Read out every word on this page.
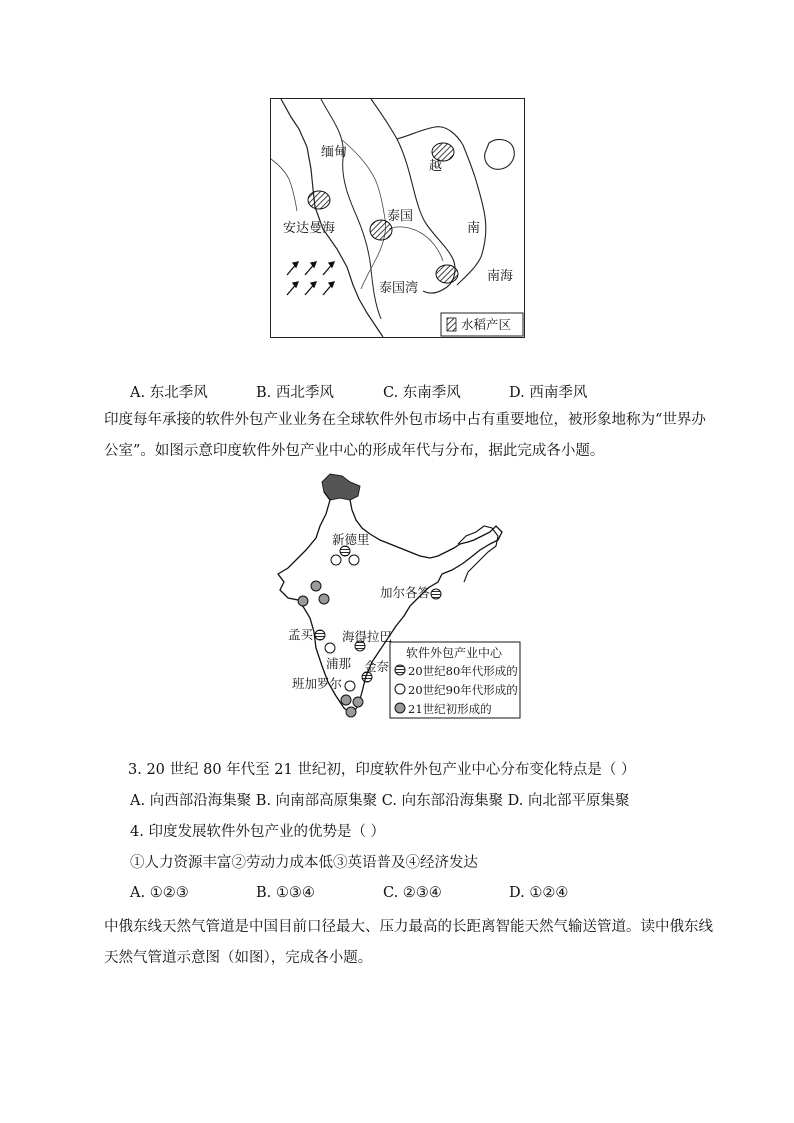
缅甸
越
安达曼海
泰国
南
泰国湾
南海
水稻产区
A. 东北季风	B. 西北季风	C. 东南季风	D. 西南季风
印度每年承接的软件外包产业业务在全球软件外包市场中占有重要地位，被形象地称为“世界办
公室”。如图示意印度软件外包产业中心的形成年代与分布，据此完成各小题。
新德里
加尔各答
孟买 海得拉巴
浦那 金奈
班加罗尔
软件外包产业中心
20世纪80年代形成的
20世纪90年代形成的
21世纪初形成的
3. 20 世纪 80 年代至 21 世纪初，印度软件外包产业中心分布变化特点是（ ）
A. 向西部沿海集聚 B. 向南部高原集聚 C. 向东部沿海集聚 D. 向北部平原集聚
4. 印度发展软件外包产业的优势是（ ）
①人力资源丰富②劳动力成本低③英语普及④经济发达
A. ①②③	B. ①③④	C. ②③④	D. ①②④
中俄东线天然气管道是中国目前口径最大、压力最高的长距离智能天然气输送管道。读中俄东线
天然气管道示意图（如图），完成各小题。
